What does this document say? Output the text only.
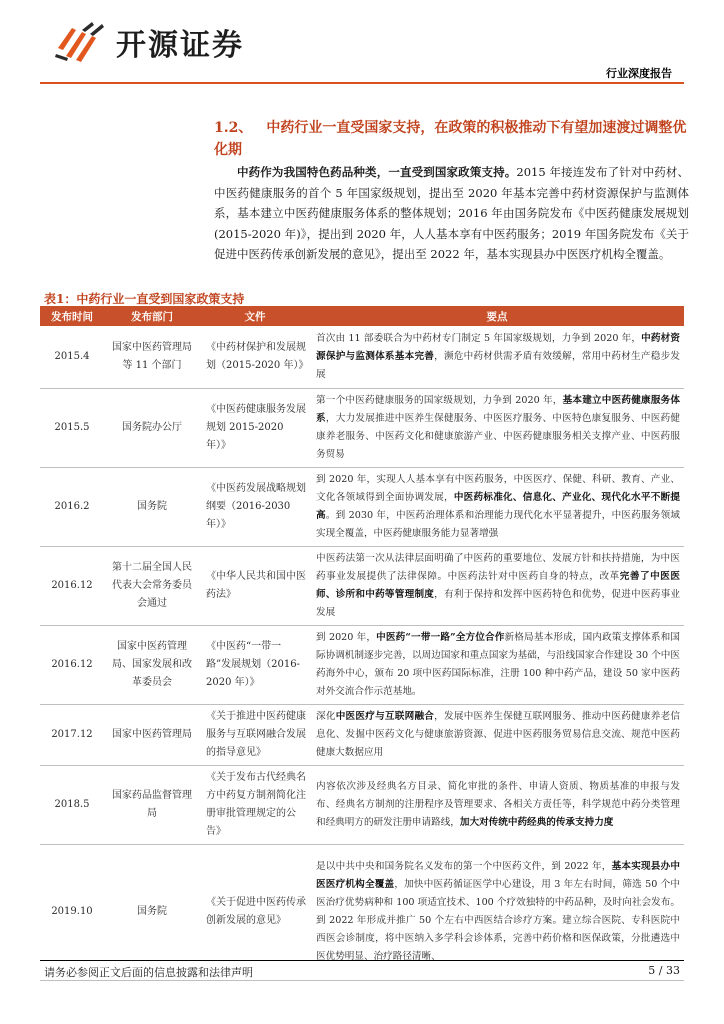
开源证券
行业深度报告
1.2、 中药行业一直受国家支持，在政策的积极推动下有望加速渡过调整优化期

中药作为我国特色药品种类，一直受到国家政策支持。2015 年接连发布了针对中药材、中医药健康服务的首个 5 年国家级规划，提出至 2020 年基本完善中药材资源保护与监测体系，基本建立中医药健康服务体系的整体规划；2016 年由国务院发布《中医药健康发展规划(2015-2020 年)》，提出到 2020 年，人人基本享有中医药服务；2019 年国务院发布《关于促进中医药传承创新发展的意见》，提出至 2022 年，基本实现县办中医医疗机构全覆盖。

表1：中药行业一直受到国家政策支持
发布时间	发布部门	文件	要点
2015.4	国家中医药管理局等 11 个部门	《中药材保护和发展规划（2015-2020 年）》	首次由 11 部委联合为中药材专门制定 5 年国家级规划，力争到 2020 年，中药材资源保护与监测体系基本完善，濒危中药材供需矛盾有效缓解，常用中药材生产稳步发展
2015.5	国务院办公厅	《中医药健康服务发展规划 2015-2020 年）》	第一个中医药健康服务的国家级规划，力争到 2020 年，基本建立中医药健康服务体系，大力发展推进中医养生保健服务、中医医疗服务、中医特色康复服务、中医药健康养老服务、中医药文化和健康旅游产业、中医药健康服务相关支撑产业、中医药服务贸易
2016.2	国务院	《中医药发展战略规划纲要（2016-2030 年）》	到 2020 年，实现人人基本享有中医药服务，中医医疗、保健、科研、教育、产业、文化各领域得到全面协调发展，中医药标准化、信息化、产业化、现代化水平不断提高。到 2030 年，中医药治理体系和治理能力现代化水平显著提升，中医药服务领域实现全覆盖，中医药健康服务能力显著增强
2016.12	第十二届全国人民代表大会常务委员会通过	《中华人民共和国中医药法》	中医药法第一次从法律层面明确了中医药的重要地位、发展方针和扶持措施，为中医药事业发展提供了法律保障。中医药法针对中医药自身的特点，改革完善了中医医师、诊所和中药等管理制度，有利于保持和发挥中医药特色和优势，促进中医药事业发展
2016.12	国家中医药管理局、国家发展和改革委员会	《中医药“一带一路”发展规划（2016-2020 年）》	到 2020 年，中医药“一带一路”全方位合作新格局基本形成，国内政策支撑体系和国际协调机制逐步完善，以周边国家和重点国家为基础，与沿线国家合作建设 30 个中医药海外中心，颁布 20 项中医药国际标准，注册 100 种中药产品，建设 50 家中医药对外交流合作示范基地。
2017.12	国家中医药管理局	《关于推进中医药健康服务与互联网融合发展的指导意见》	深化中医医疗与互联网融合，发展中医养生保健互联网服务、推动中医药健康养老信息化、发掘中医药文化与健康旅游资源、促进中医药服务贸易信息交流、规范中医药健康大数据应用
2018.5	国家药品监督管理局	《关于发布古代经典名方中药复方制剂简化注册审批管理规定的公告》	内容依次涉及经典名方目录、简化审批的条件、申请人资质、物质基准的申报与发布、经典名方制剂的注册程序及管理要求、各相关方责任等，科学规范中药分类管理和经典明方的研发注册申请路线，加大对传统中药经典的传承支持力度
2019.10	国务院	《关于促进中医药传承创新发展的意见》	是以中共中央和国务院名义发布的第一个中医药文件，到 2022 年，基本实现县办中医医疗机构全覆盖，加快中医药循证医学中心建设，用 3 年左右时间，筛选 50 个中医治疗优势病种和 100 项适宜技术、100 个疗效独特的中药品种，及时向社会发布。到 2022 年形成并推广 50 个左右中西医结合诊疗方案。建立综合医院、专科医院中西医会诊制度，将中医纳入多学科会诊体系，完善中药价格和医保政策，分批遴选中医优势明显、治疗路径清晰、
请务必参阅正文后面的信息披露和法律声明	5 / 33
